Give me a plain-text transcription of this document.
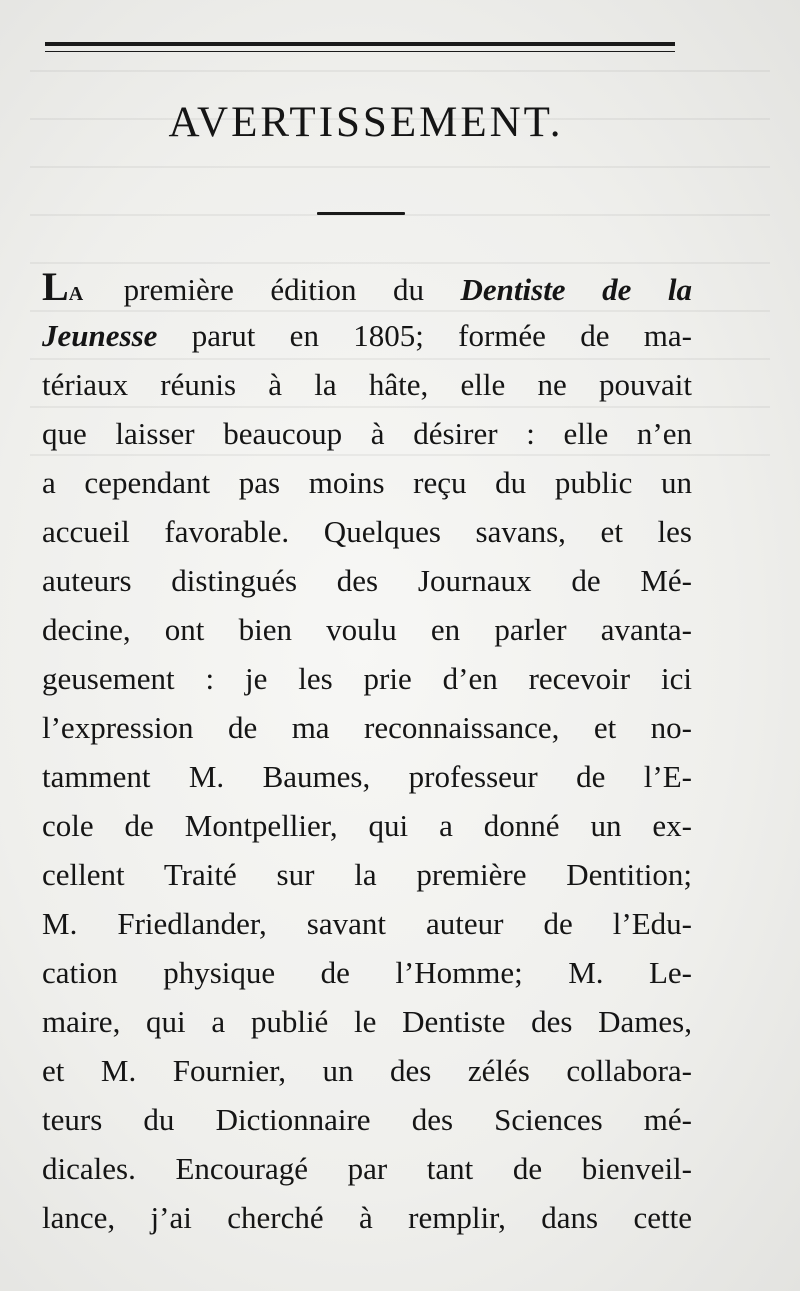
AVERTISSEMENT.
LA première édition du Dentiste de la
Jeunesse parut en 1805; formée de ma-
tériaux réunis à la hâte, elle ne pouvait
que laisser beaucoup à désirer : elle n’en
a cependant pas moins reçu du public un
accueil favorable. Quelques savans, et les
auteurs distingués des Journaux de Mé-
decine, ont bien voulu en parler avanta-
geusement : je les prie d’en recevoir ici
l’expression de ma reconnaissance, et no-
tamment M. Baumes, professeur de l’E-
cole de Montpellier, qui a donné un ex-
cellent Traité sur la première Dentition;
M. Friedlander, savant auteur de l’Edu-
cation physique de l’Homme; M. Le-
maire, qui a publié le Dentiste des Dames,
et M. Fournier, un des zélés collabora-
teurs du Dictionnaire des Sciences mé-
dicales. Encouragé par tant de bienveil-
lance, j’ai cherché à remplir, dans cette
